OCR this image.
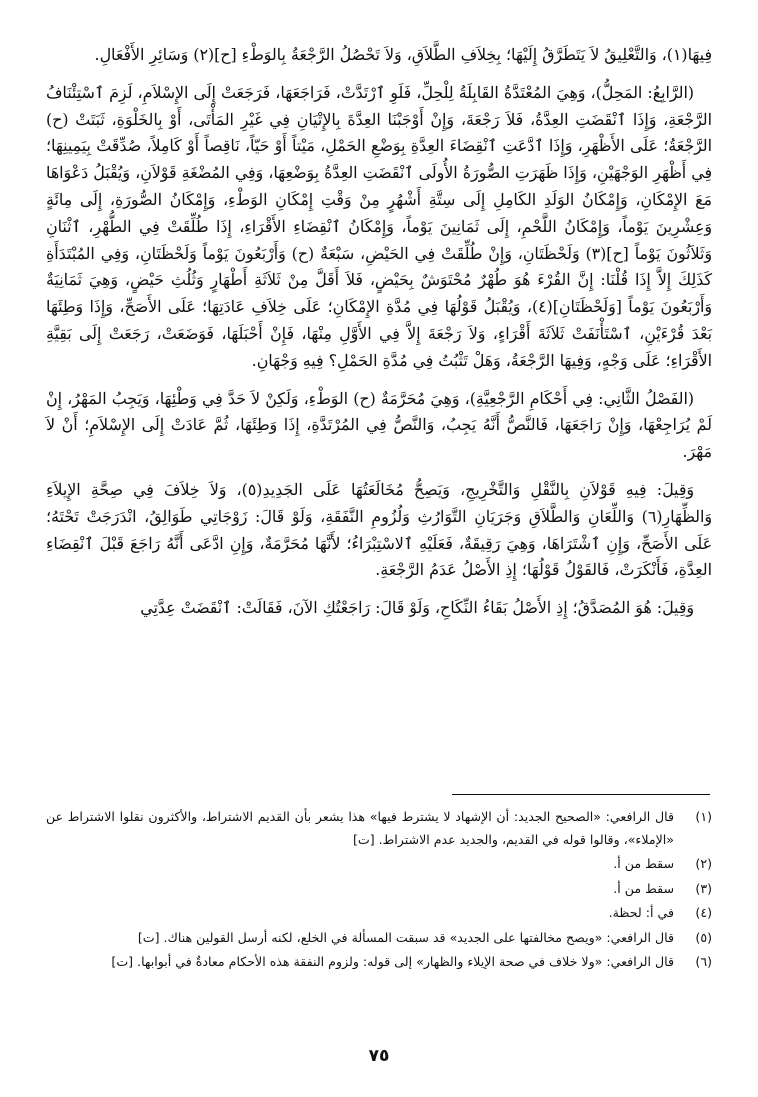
فِيهَا(١)، وَالتَّعْلِيقُ لاَ يَتَطَرَّقُ إِلَيْهَا؛ بِخِلاَفِ الطَّلاَقِ، وَلاَ تَحْصُلُ الرَّجْعَةُ بِالوَطْءِ [ح](٢) وَسَائِرِ الأَفْعَالِ.

(الرَّابِعُ: المَحِلُّ)، وَهِيَ المُعْتَدَّةُ القَابِلَةُ لِلْحِلِّ، فَلَوِ ٱرْتَدَّتْ، فَرَاجَعَهَا، فَرَجَعَتْ إِلَى الإِسْلاَمِ، لَزِمَ ٱسْتِئْنَافُ الرَّجْعَةِ، وَإِذَا ٱنْقَضَتِ العِدَّةُ، فَلاَ رَجْعَةَ، وَإِنْ أَوْجَبْنَا العِدَّةَ بِالإِتْيَانِ فِي غَيْرِ المَأْتَى، أَوْ بِالخَلْوَةِ، ثَبَتَتْ (ح) الرَّجْعَةُ؛ عَلَى الأَظْهَرِ، وَإِذَا ٱدَّعَتِ ٱنْقِضَاءَ العِدَّةِ بِوَضْعِ الحَمْلِ، مَيْتاً أَوْ حَيّاً، نَاقِصاً أَوْ كَامِلاً، صُدِّقَتْ بِيَمِينِهَا؛ فِي أَظْهَرِ الوَجْهَيْنِ، وَإِذَا ظَهَرَتِ الصُّورَةُ الأُولَى ٱنْقَضَتِ العِدَّةُ بِوَضْعِهَا، وَفِي المُضْغَةِ قَوْلاَنِ، وَيُقْبَلُ دَعْوَاهَا مَعَ الإِمْكَانِ، وَإِمْكَانُ الوَلَدِ الكَامِلِ إِلَى سِتَّةِ أَشْهُرٍ مِنْ وَقْتِ إِمْكَانِ الوَطْءِ، وَإِمْكَانُ الصُّورَةِ، إِلَى مِائَةٍ وَعِشْرِينَ يَوْماً، وَإِمْكَانُ اللَّحْمِ، إِلَى ثَمَانِينَ يَوْماً، وَإِمْكَانُ ٱنْقِضَاءِ الأَقْرَاءِ، إِذَا طُلِّقَتْ فِي الطُّهْرِ، ٱثْنَانِ وَثَلاَثُونَ يَوْماً [ح](٣) وَلَحْظَتَانِ، وَإِنْ طُلِّقَتْ فِي الحَيْضِ، سَبْعَةٌ (ح) وَأَرْبَعُونَ يَوْماً وَلَحْظَتَانِ، وَفِي المُبْتَدَأَةِ كَذَلِكَ إِلاَّ إِذَا قُلْنَا: إِنَّ القُرْءَ هُوَ طُهْرٌ مُحْتَوَشٌ بِحَيْضٍ، فَلاَ أَقَلَّ مِنْ ثَلاَثَةِ أَطْهَارٍ وَثُلُثِ حَيْضٍ، وَهِيَ ثَمَانِيَةٌ وَأَرْبَعُونَ يَوْماً [وَلَحْظَتَانِ](٤)، وَيُقْبَلُ قَوْلُهَا فِي مُدَّةِ الإِمْكَانِ؛ عَلَى خِلاَفِ عَادَتِهَا؛ عَلَى الأَصَحِّ، وَإِذَا وَطِئَهَا بَعْدَ قُرْءَيْنِ، ٱسْتَأْنَفَتْ ثَلاَثَةَ أَقْرَاءٍ، وَلاَ رَجْعَةَ إِلاَّ فِي الأَوَّلِ مِنْهَا، فَإِنْ أَحْبَلَهَا، فَوَضَعَتْ، رَجَعَتْ إِلَى بَقِيَّةِ الأَقْرَاءِ؛ عَلَى وَجْهٍ، وَفِيهَا الرَّجْعَةُ، وَهَلْ تَثْبُتُ فِي مُدَّةِ الحَمْلِ؟ فِيهِ وَجْهَانِ.

(الفَصْلُ الثَّانِي: فِي أَحْكَامِ الرَّجْعِيَّةِ)، وَهِيَ مُحَرَّمَةٌ (ح) الوَطْءِ، وَلَكِنْ لاَ حَدَّ فِي وَطْئِهَا، وَيَجِبُ المَهْرُ، إِنْ لَمْ يُرَاجِعْهَا، وَإِنْ رَاجَعَهَا، فَالنَّصُّ أَنَّهُ يَجِبُ، وَالنَّصُّ فِي المُرْتَدَّةِ، إِذَا وَطِئَهَا، ثُمَّ عَادَتْ إِلَى الإِسْلاَمِ؛ أَنْ لاَ مَهْرَ.

وَقِيلَ: فِيهِ قَوْلاَنِ بِالنَّقْلِ وَالتَّخْرِيجِ، وَيَصِحُّ مُخَالَعَتُهَا عَلَى الجَدِيدِ(٥)، وَلاَ خِلاَفَ فِي صِحَّةِ الإِيلاَءِ وَالظِّهَارِ(٦) وَاللِّعَانِ وَالطَّلاَقِ وَجَرَيَانِ التَّوَارُثِ وَلُزُومِ النَّفَقَةِ، وَلَوْ قَالَ: زَوْجَاتِي طَوَالِقُ، انْدَرَجَتْ تَحْتَهُ؛ عَلَى الأَصَحِّ، وَإِنِ ٱشْتَرَاهَا، وَهِيَ رَقِيقَةٌ، فَعَلَيْهِ ٱلاسْتِبْرَاءُ؛ لأَنَّهَا مُحَرَّمَةٌ، وَإِنِ ادَّعَى أَنَّهُ رَاجَعَ قَبْلَ ٱنْقِضَاءِ العِدَّةِ، فَأَنْكَرَتْ، فَالقَوْلُ قَوْلُهَا؛ إِذِ الأَصْلُ عَدَمُ الرَّجْعَةِ.

وَقِيلَ: هُوَ المُصَدَّقُ؛ إِذِ الأَصْلُ بَقَاءُ النِّكَاحِ، وَلَوْ قَالَ: رَاجَعْتُكِ الآنَ، فَقَالَتْ: ٱنْقَضَتْ عِدَّتِي

(١)
قال الرافعي: «الصحيح الجديد: أن الإشهاد لا يشترط فيها» هذا يشعر بأن القديم الاشتراط، والأكثرون نقلوا الاشتراط عن «الإملاء»، وقالوا قوله في القديم، والجديد عدم الاشتراط. [ت]
(٢)
سقط من أ.
(٣)
سقط من أ.
(٤)
في أ: لحظة.
(٥)
قال الرافعي: «ويصح مخالفتها على الجديد» قد سبقت المسألة في الخلع، لكنه أرسل القولين هناك. [ت]
(٦)
قال الرافعي: «ولا خلاف في صحة الإيلاء والظهار» إلى قوله: ولزوم النفقة هذه الأحكام معادةٌ في أبوابها. [ت]
٧٥
